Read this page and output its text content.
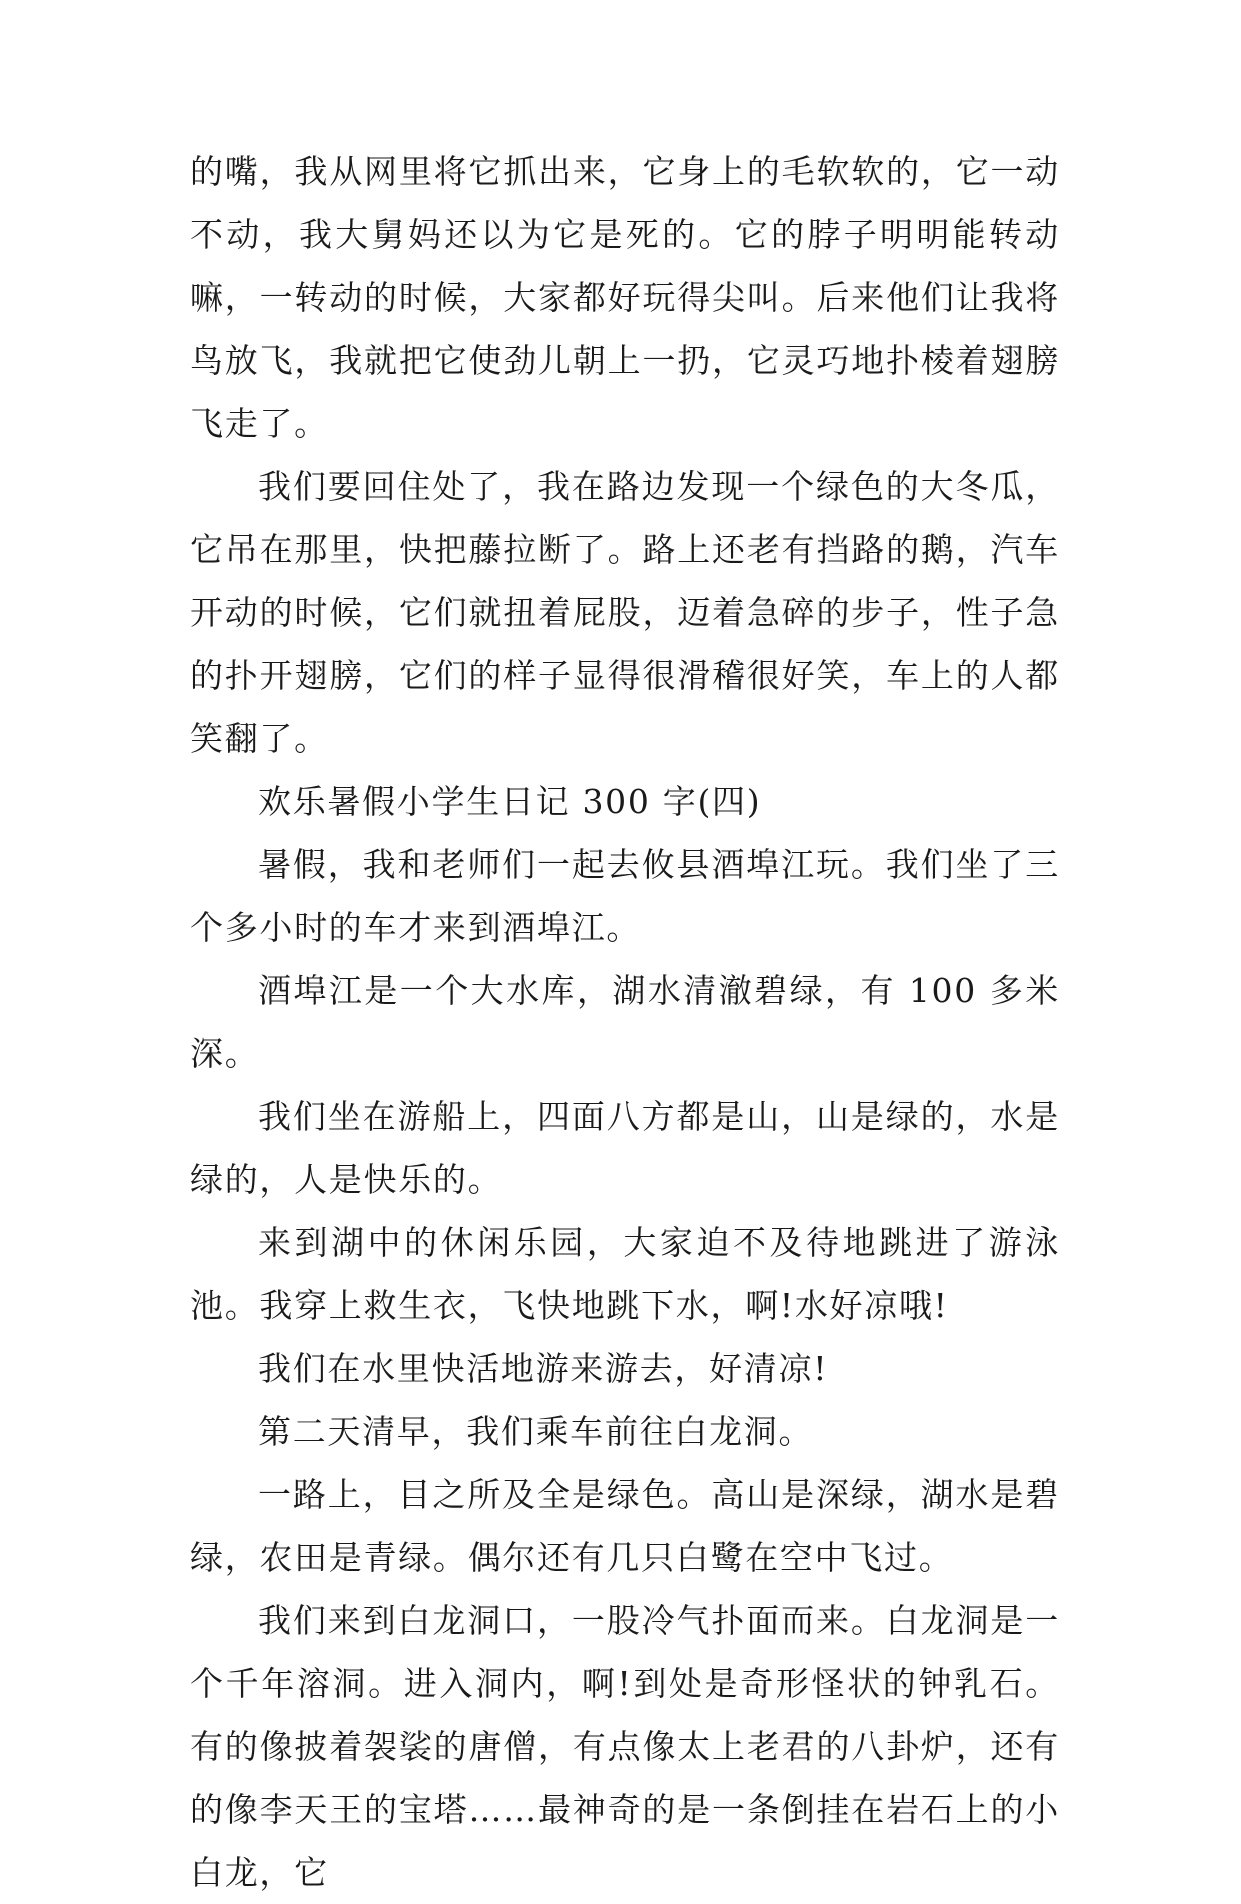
的嘴，我从网里将它抓出来，它身上的毛软软的，它一动不动，我大舅妈还以为它是死的。它的脖子明明能转动嘛，一转动的时候，大家都好玩得尖叫。后来他们让我将鸟放飞，我就把它使劲儿朝上一扔，它灵巧地扑棱着翅膀飞走了。

我们要回住处了，我在路边发现一个绿色的大冬瓜，它吊在那里，快把藤拉断了。路上还老有挡路的鹅，汽车开动的时候，它们就扭着屁股，迈着急碎的步子，性子急的扑开翅膀，它们的样子显得很滑稽很好笑，车上的人都笑翻了。

欢乐暑假小学生日记 300 字(四)

暑假，我和老师们一起去攸县酒埠江玩。我们坐了三个多小时的车才来到酒埠江。

酒埠江是一个大水库，湖水清澈碧绿，有 100 多米深。

我们坐在游船上，四面八方都是山，山是绿的，水是绿的，人是快乐的。

来到湖中的休闲乐园，大家迫不及待地跳进了游泳池。我穿上救生衣，飞快地跳下水，啊!水好凉哦!

我们在水里快活地游来游去，好清凉!

第二天清早，我们乘车前往白龙洞。

一路上，目之所及全是绿色。高山是深绿，湖水是碧绿，农田是青绿。偶尔还有几只白鹭在空中飞过。

我们来到白龙洞口，一股冷气扑面而来。白龙洞是一个千年溶洞。进入洞内，啊!到处是奇形怪状的钟乳石。有的像披着袈裟的唐僧，有点像太上老君的八卦炉，还有的像李天王的宝塔……最神奇的是一条倒挂在岩石上的小白龙，它
